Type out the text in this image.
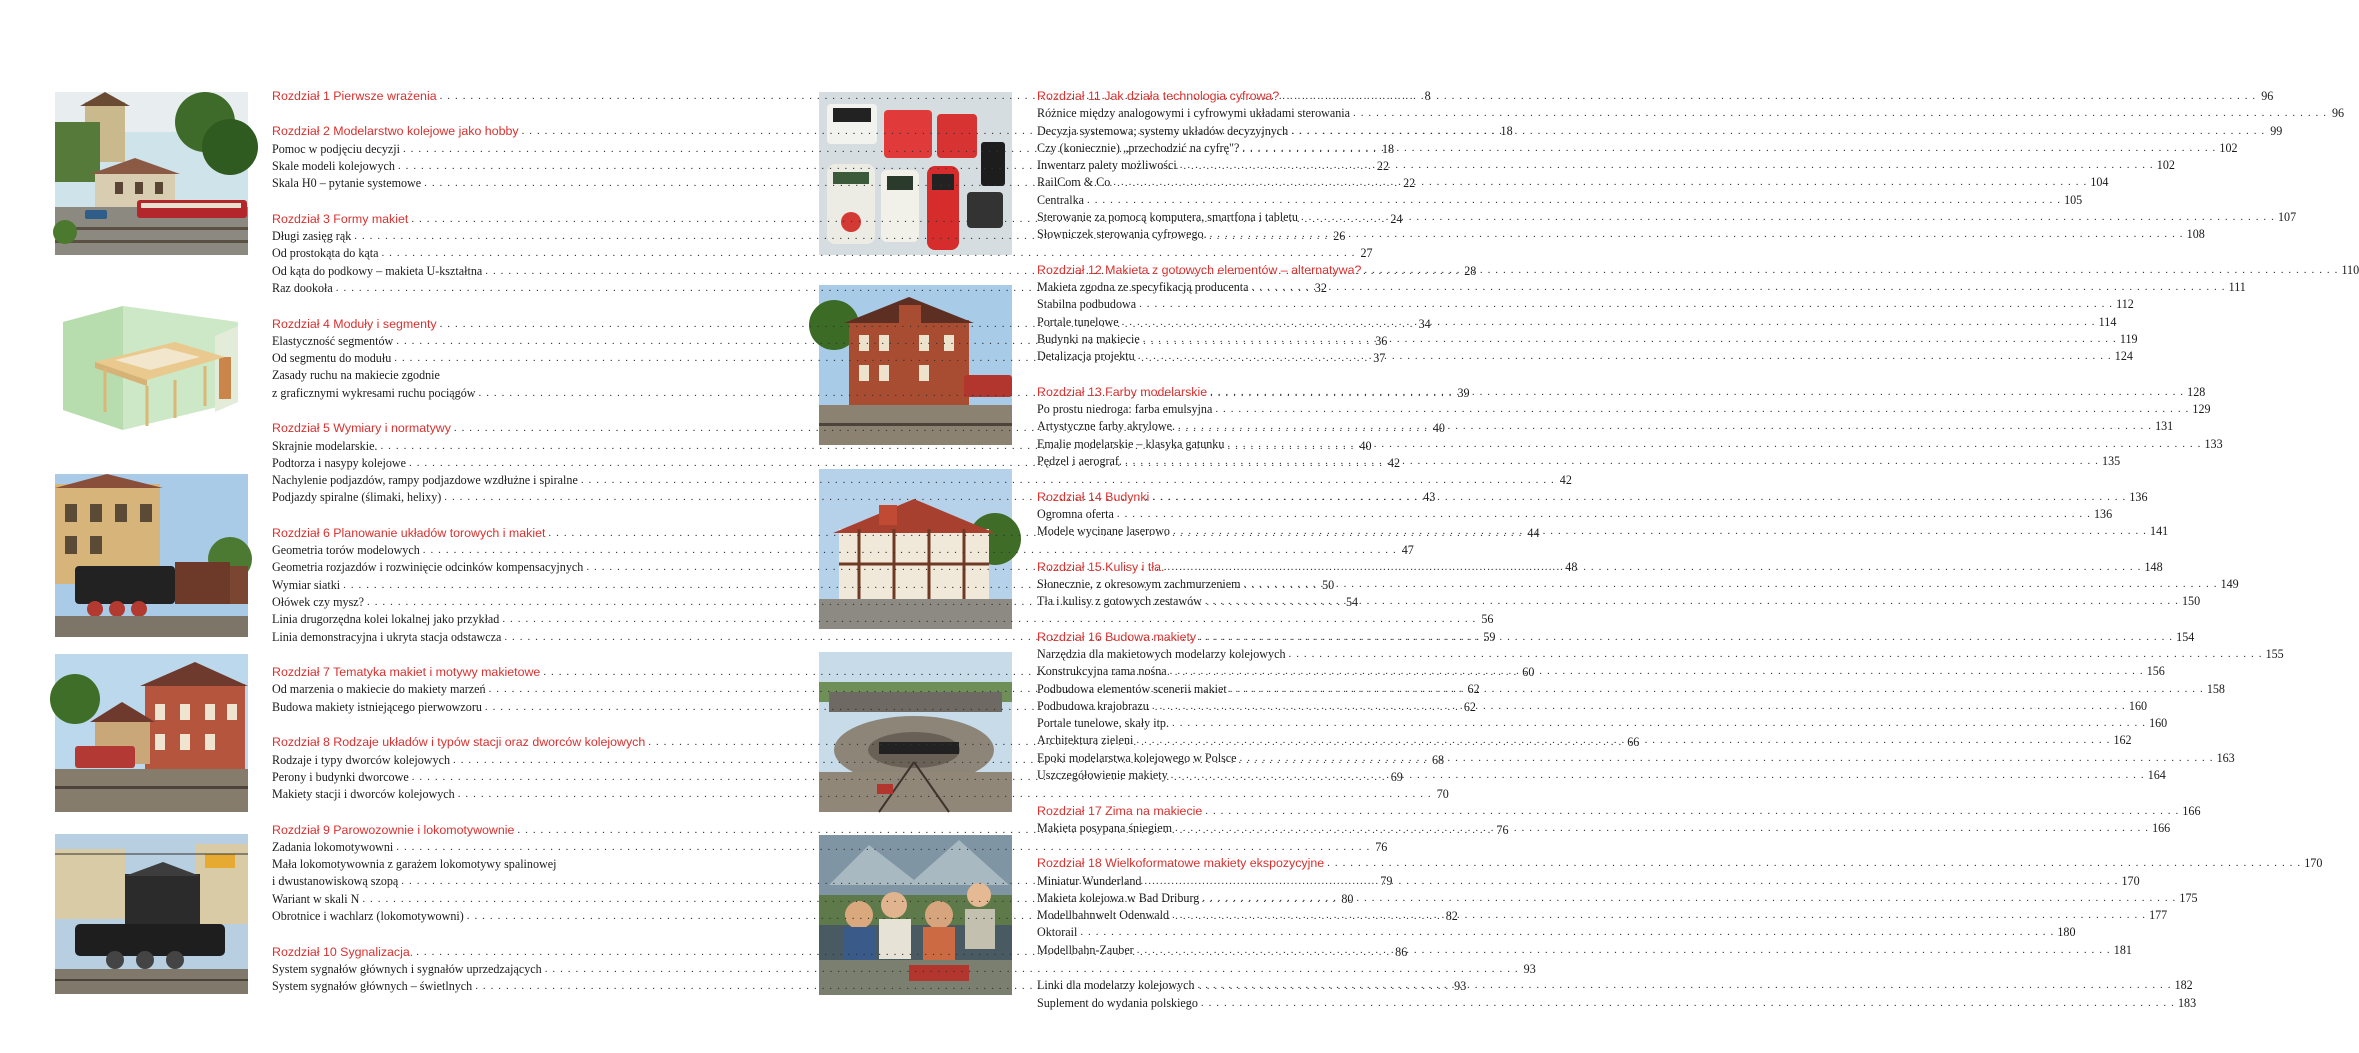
Rozdział 1 Pierwsze wrażenia . . .	8
Rozdział 2 Modelarstwo kolejowe jako hobby . . .	18
Pomoc w podjęciu decyzji . . .	18
Skale modeli kolejowych . . .	22
Skala H0 – pytanie systemowe . . .	22
Rozdział 3 Formy makiet . . .	24
Długi zasięg rąk . . .	26
Od prostokąta do kąta . . .	27
Od kąta do podkowy – makieta U-kształtna . . .	28
Raz dookoła . . .	32
Rozdział 4 Moduły i segmenty . . .	34
Elastyczność segmentów . . .	36
Od segmentu do modułu . . .	37
Zasady ruchu na makiecie zgodnie
z graficznymi wykresami ruchu pociągów . . .	39
Rozdział 5 Wymiary i normatywy . . .	40
Skrajnie modelarskie. . . .	40
Podtorza i nasypy kolejowe . . .	42
Nachylenie podjazdów, rampy podjazdowe wzdłużne i spiralne . . .	42
Podjazdy spiralne (ślimaki, helixy) . . .	43
Rozdział 6 Planowanie układów torowych i makiet . . .	44
Geometria torów modelowych . . .	47
Geometria rozjazdów i rozwinięcie odcinków kompensacyjnych . . .	48
Wymiar siatki . . .	50
Ołówek czy mysz? . . .	54
Linia drugorzędna kolei lokalnej jako przykład . . .	56
Linia demonstracyjna i ukryta stacja odstawcza . . .	59
Rozdział 7 Tematyka makiet i motywy makietowe . . .	60
Od marzenia o makiecie do makiety marzeń . . .	62
Budowa makiety istniejącego pierwowzoru . . .	62
Rozdział 8 Rodzaje układów i typów stacji oraz dworców kolejowych . . .	66
Rodzaje i typy dworców kolejowych . . .	68
Perony i budynki dworcowe . . .	69
Makiety stacji i dworców kolejowych . . .	70
Rozdział 9 Parowozownie i lokomotywownie . . .	76
Zadania lokomotywowni . . .	76
Mała lokomotywownia z garażem lokomotywy spalinowej
i dwustanowiskową szopą . . .	79
Wariant w skali N . . .	80
Obrotnice i wachlarz (lokomotywowni) . . .	82
Rozdział 10 Sygnalizacja. . . .	86
System sygnałów głównych i sygnałów uprzedzających . . .	93
System sygnałów głównych – świetlnych . . .	93
Rozdział 11 Jak działa technologia cyfrowa? . . .	96
Różnice między analogowymi i cyfrowymi układami sterowania . . .	96
Decyzja systemowa; systemy układów decyzyjnych . . .	99
Czy (koniecznie) „przechodzić na cyfrę"? . . .	102
Inwentarz palety możliwości . . .	102
RailCom & Co . . .	104
Centralka . . .	105
Sterowanie za pomocą komputera, smartfona i tabletu . . .	107
Słowniczek sterowania cyfrowego. . . .	108
Rozdział 12 Makieta z gotowych elementów – alternatywa? . . .	110
Makieta zgodna ze specyfikacją producenta . . .	111
Stabilna podbudowa . . .	112
Portale tunelowe . . .	114
Budynki na makiecie . . .	119
Detalizacja projektu . . .	124
Rozdział 13 Farby modelarskie . . .	128
Po prostu niedroga: farba emulsyjna . . .	129
Artystyczne farby akrylowe. . . .	131
Emalie modelarskie – klasyka gatunku . . .	133
Pędzel i aerograf. . . .	135
Rozdział 14 Budynki . . .	136
Ogromna oferta . . .	136
Modele wycinane laserowo . . .	141
Rozdział 15 Kulisy i tła. . . .	148
Słonecznie, z okresowym zachmurzeniem . . .	149
Tła i kulisy z gotowych zestawów . . .	150
Rozdział 16 Budowa makiety . . .	154
Narzędzia dla makietowych modelarzy kolejowych . . .	155
Konstrukcyjna rama nośna . . .	156
Podbudowa elementów scenerii makiet . . .	158
Podbudowa krajobrazu . . .	160
Portale tunelowe, skały itp. . . .	160
Architektura zieleni . . .	162
Epoki modelarstwa kolejowego w Polsce . . .	163
Uszczegółowienie makiety . . .	164
Rozdział 17 Zima na makiecie . . .	166
Makieta posypana śniegiem . . .	166
Rozdział 18 Wielkoformatowe makiety ekspozycyjne . . .	170
Miniatur Wunderland . . .	170
Makieta kolejowa w Bad Driburg . . .	175
Modellbahnwelt Odenwald . . .	177
Oktorail . . .	180
Modellbahn-Zauber . . .	181
Linki dla modelarzy kolejowych . . .	182
Suplement do wydania polskiego . . .	183
